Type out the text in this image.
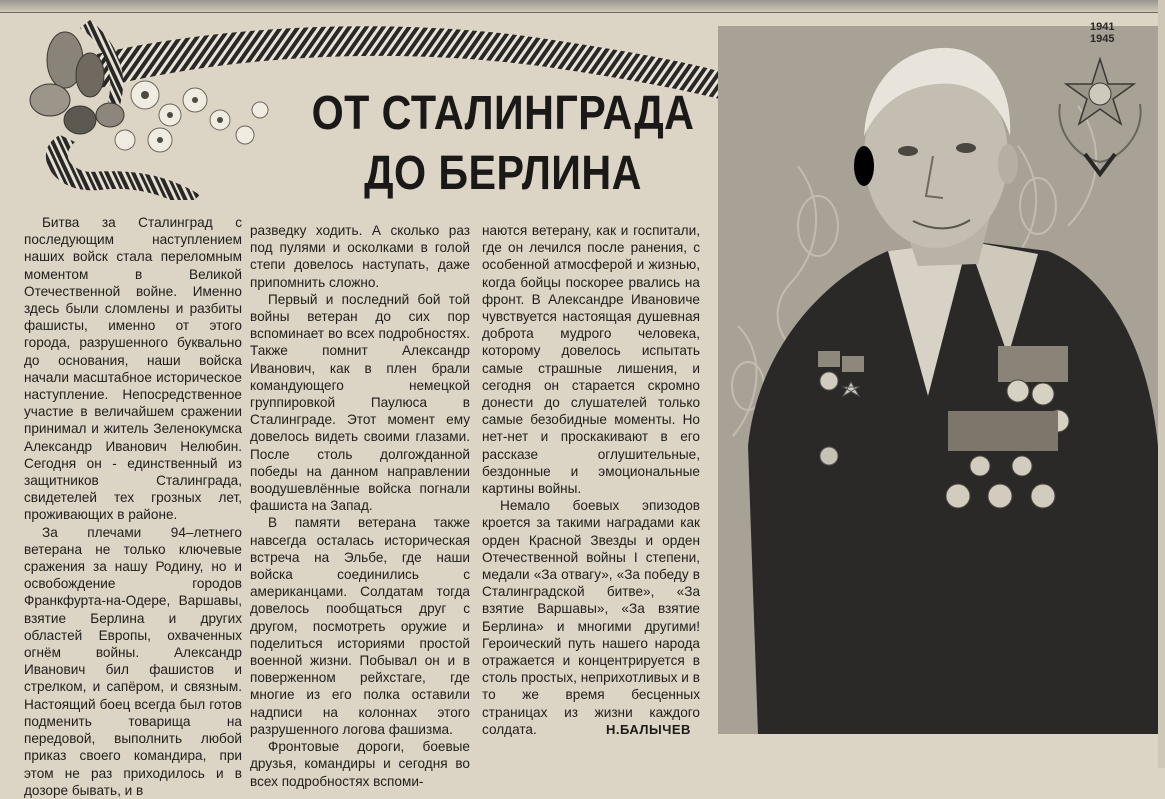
ОТ СТАЛИНГРАДА
ДО БЕРЛИНА

Битва за Сталинград с последующим наступлением наших войск стала переломным моментом в Великой Отечественной войне. Именно здесь были сломлены и разбиты фашисты, именно от этого города, разрушенного буквально до основания, наши войска начали масштабное историческое наступление. Непосредственное участие в величайшем сражении принимал и житель Зеленокумска Александр Иванович Нелюбин. Сегодня он - единственный из защитников Сталинграда, свидетелей тех грозных лет, проживающих в районе.

За плечами 94–летнего ветерана не только ключевые сражения за нашу Родину, но и освобождение городов Франкфурта-на-Одере, Варшавы, взятие Берлина и других областей Европы, охваченных огнём войны. Александр Иванович бил фашистов и стрелком, и сапёром, и связным. Настоящий боец всегда был готов подменить товарища на передовой, выполнить любой приказ своего командира, при этом не раз приходилось и в дозоре бывать, и в

разведку ходить. А сколько раз под пулями и осколками в голой степи довелось наступать, даже припомнить сложно.

Первый и последний бой той войны ветеран до сих пор вспоминает во всех подробностях. Также помнит Александр Иванович, как в плен брали командующего немецкой группировкой Паулюса в Сталинграде. Этот момент ему довелось видеть своими глазами. После столь долгожданной победы на данном направлении воодушевлённые войска погнали фашиста на Запад.

В памяти ветерана также навсегда осталась историческая встреча на Эльбе, где наши войска соединились с американцами. Солдатам тогда довелось пообщаться друг с другом, посмотреть оружие и поделиться историями простой военной жизни. Побывал он и в поверженном рейхстаге, где многие из его полка оставили надписи на колоннах этого разрушенного логова фашизма.

Фронтовые дороги, боевые друзья, командиры и сегодня во всех подробностях вспоми-

наются ветерану, как и госпитали, где он лечился после ранения, с особенной атмосферой и жизнью, когда бойцы поскорее рвались на фронт. В Александре Ивановиче чувствуется настоящая душевная доброта мудрого человека, которому довелось испытать самые страшные лишения, и сегодня он старается скромно донести до слушателей только самые безобидные моменты. Но нет-нет и проскакивают в его рассказе оглушительные, бездонные и эмоциональные картины войны.

Немало боевых эпизодов кроется за такими наградами как орден Красной Звезды и орден Отечественной войны I степени, медали «За отвагу», «За победу в Сталинградской битве», «За взятие Варшавы», «За взятие Берлина» и многими другими! Героический путь нашего народа отражается и концентрируется в столь простых, неприхотливых и в то же время бесценных страницах из жизни каждого солдата.	Н.БАЛЫЧЕВ
1941
1945
